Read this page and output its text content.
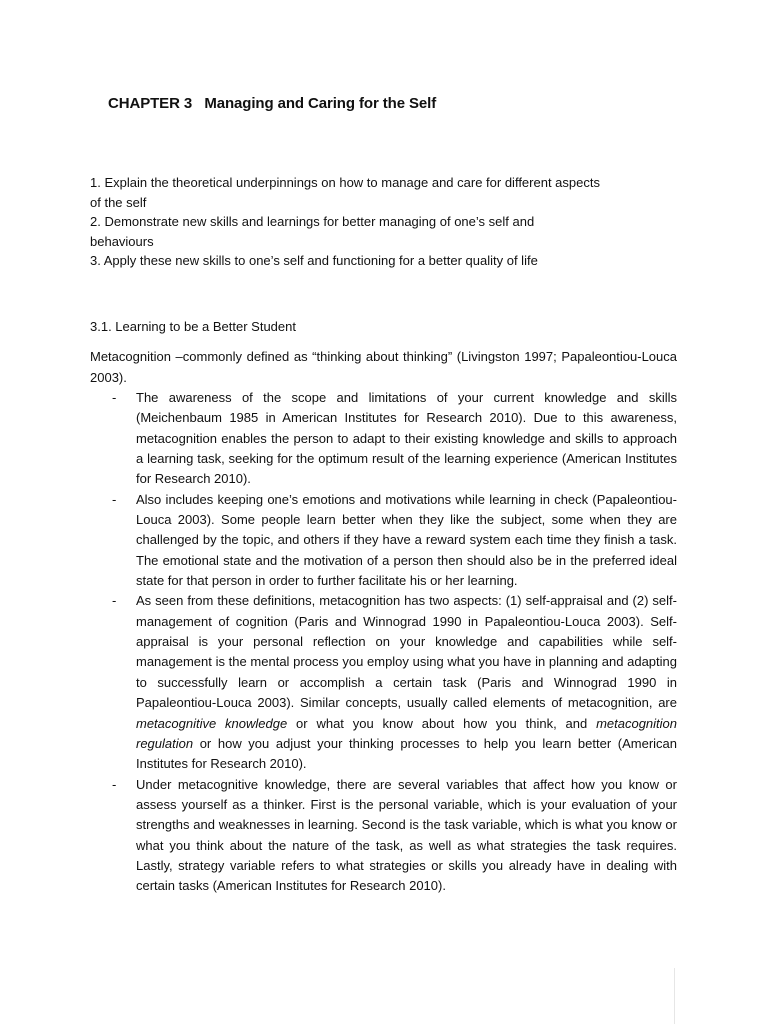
CHAPTER 3   Managing and Caring for the Self

1. Explain the theoretical underpinnings on how to manage and care for different aspects of the self

2. Demonstrate new skills and learnings for better managing of one’s self and behaviours

3. Apply these new skills to one’s self and functioning for a better quality of life

3.1. Learning to be a Better Student

Metacognition –commonly defined as “thinking about thinking” (Livingston 1997; Papaleontiou-Louca 2003).

- The awareness of the scope and limitations of your current knowledge and skills (Meichenbaum 1985 in American Institutes for Research 2010). Due to this awareness, metacognition enables the person to adapt to their existing knowledge and skills to approach a learning task, seeking for the optimum result of the learning experience (American Institutes for Research 2010).
- Also includes keeping one’s emotions and motivations while learning in check (Papaleontiou-Louca 2003). Some people learn better when they like the subject, some when they are challenged by the topic, and others if they have a reward system each time they finish a task. The emotional state and the motivation of a person then should also be in the preferred ideal state for that person in order to further facilitate his or her learning.
- As seen from these definitions, metacognition has two aspects: (1) self-appraisal and (2) self-management of cognition (Paris and Winnograd 1990 in Papaleontiou-Louca 2003). Self-appraisal is your personal reflection on your knowledge and capabilities while self-management is the mental process you employ using what you have in planning and adapting to successfully learn or accomplish a certain task (Paris and Winnograd 1990 in Papaleontiou-Louca 2003). Similar concepts, usually called elements of metacognition, are metacognitive knowledge or what you know about how you think, and metacognition regulation or how you adjust your thinking processes to help you learn better (American Institutes for Research 2010).
- Under metacognitive knowledge, there are several variables that affect how you know or assess yourself as a thinker. First is the personal variable, which is your evaluation of your strengths and weaknesses in learning. Second is the task variable, which is what you know or what you think about the nature of the task, as well as what strategies the task requires. Lastly, strategy variable refers to what strategies or skills you already have in dealing with certain tasks (American Institutes for Research 2010).
